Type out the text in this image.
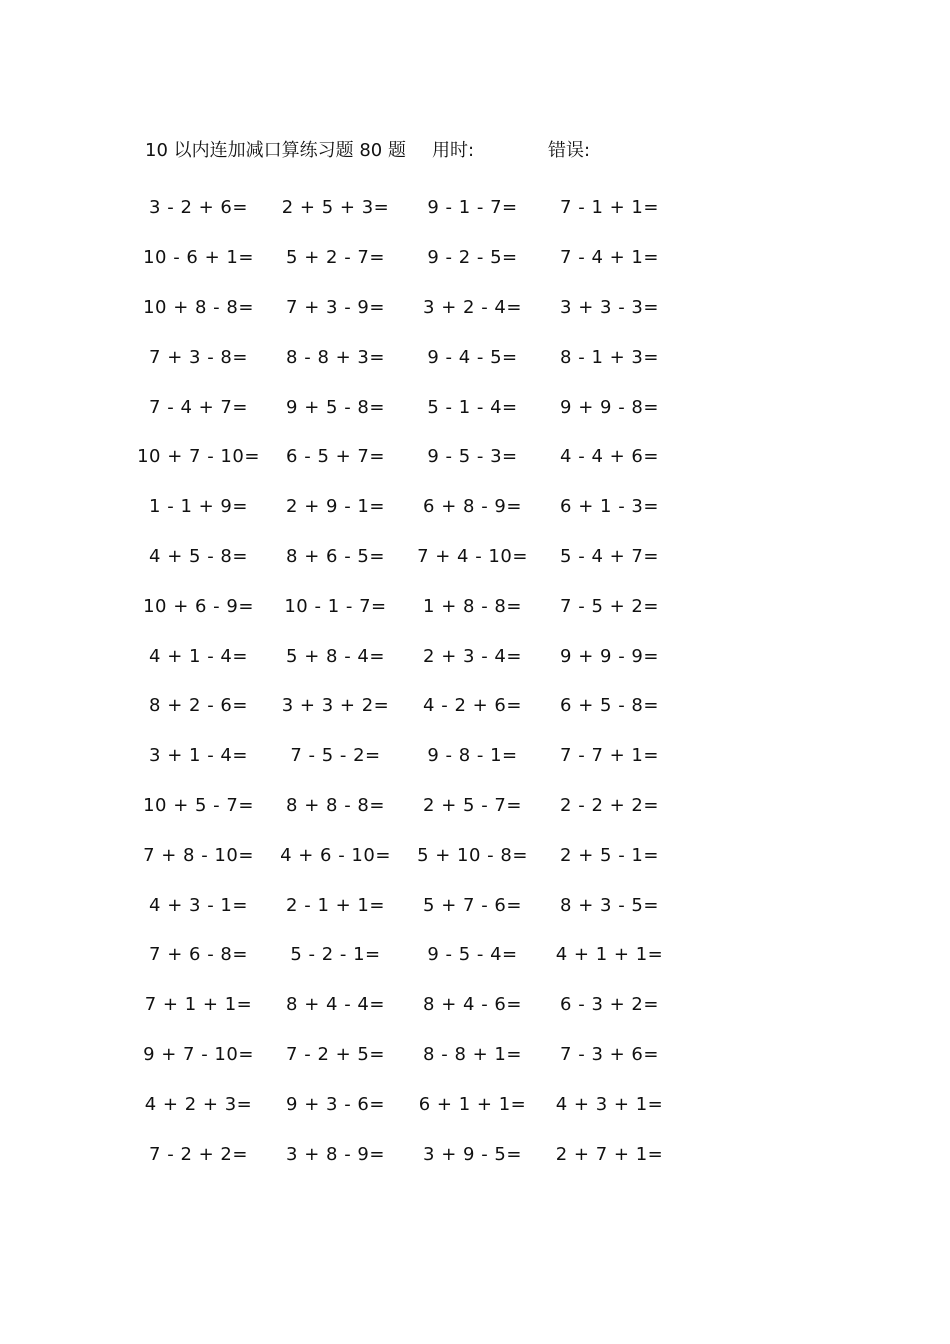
10 以内连加减口算练习题 80 题 用时:	错误:
3 - 2 + 6=	2 + 5 + 3=	9 - 1 - 7=	7 - 1 + 1=
10 - 6 + 1=	5 + 2 - 7=	9 - 2 - 5=	7 - 4 + 1=
10 + 8 - 8=	7 + 3 - 9=	3 + 2 - 4=	3 + 3 - 3=
7 + 3 - 8=	8 - 8 + 3=	9 - 4 - 5=	8 - 1 + 3=
7 - 4 + 7=	9 + 5 - 8=	5 - 1 - 4=	9 + 9 - 8=
10 + 7 - 10=	6 - 5 + 7=	9 - 5 - 3=	4 - 4 + 6=
1 - 1 + 9=	2 + 9 - 1=	6 + 8 - 9=	6 + 1 - 3=
4 + 5 - 8=	8 + 6 - 5=	7 + 4 - 10=	5 - 4 + 7=
10 + 6 - 9=	10 - 1 - 7=	1 + 8 - 8=	7 - 5 + 2=
4 + 1 - 4=	5 + 8 - 4=	2 + 3 - 4=	9 + 9 - 9=
8 + 2 - 6=	3 + 3 + 2=	4 - 2 + 6=	6 + 5 - 8=
3 + 1 - 4=	7 - 5 - 2=	9 - 8 - 1=	7 - 7 + 1=
10 + 5 - 7=	8 + 8 - 8=	2 + 5 - 7=	2 - 2 + 2=
7 + 8 - 10=	4 + 6 - 10=	5 + 10 - 8=	2 + 5 - 1=
4 + 3 - 1=	2 - 1 + 1=	5 + 7 - 6=	8 + 3 - 5=
7 + 6 - 8=	5 - 2 - 1=	9 - 5 - 4=	4 + 1 + 1=
7 + 1 + 1=	8 + 4 - 4=	8 + 4 - 6=	6 - 3 + 2=
9 + 7 - 10=	7 - 2 + 5=	8 - 8 + 1=	7 - 3 + 6=
4 + 2 + 3=	9 + 3 - 6=	6 + 1 + 1=	4 + 3 + 1=
7 - 2 + 2=	3 + 8 - 9=	3 + 9 - 5=	2 + 7 + 1=
